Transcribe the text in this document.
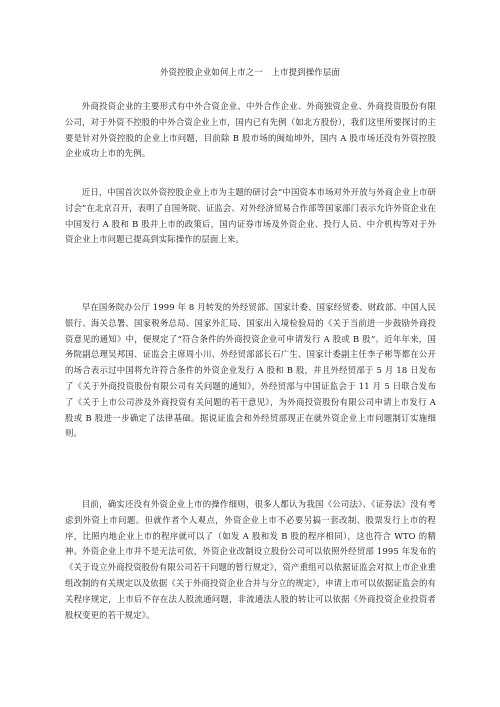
外资控股企业如何上市之一　上市提到操作层面

外商投资企业的主要形式有中外合资企业、中外合作企业、外商独资企业、外商投资股份有限公司，对于外资不控股的中外合资企业上市，国内已有先例（如北方股份），我们这里所要探讨的主要是针对外资控股的企业上市问题，目前除 B 股市场的闽灿坤外，国内 A 股市场还没有外资控股企业成功上市的先例。

近日，中国首次以外资控股企业上市为主题的研讨会“中国资本市场对外开放与外商企业上市研讨会”在北京召开，表明了自国务院、证监会、对外经济贸易合作部等国家部门表示允许外资企业在中国发行 A 股和 B 股并上市的政策后，国内证券市场及外资企业、投行人员、中介机构等对于外资企业上市问题已提高到实际操作的层面上来。

早在国务院办公厅 1999 年 8 月转发的外经贸部、国家计委、国家经贸委、财政部、中国人民银行、海关总署、国家税务总局、国家外汇局、国家出入境检验局的《关于当前进一步鼓励外商投资意见的通知》中，便规定了“符合条件的外商投资企业可申请发行 A 股或 B 股”。近年年来，国务院副总理吴邦国、证监会主席周小川、外经贸部部长石广生、国家计委副主任李子彬等都在公开的场合表示过中国将允许符合条件的外资企业发行 A 股和 B 股，并且外经贸部于 5 月 18 日发布了《关于外商投资股份有限公司有关问题的通知》，外经贸部与中国证监会于 11 月 5 日联合发布了《关于上市公司涉及外商投资有关问题的若干意见》，为外商投资股份有限公司申请上市发行 A 股或 B 股进一步确定了法律基础。据说证监会和外经贸部现正在就外资企业上市问题制订实施细则。

目前，确实还没有外资企业上市的操作细则，很多人都认为我国《公司法》、《证券法》没有考虑到外资上市问题。但就作者个人观点，外资企业上市不必要另搞一套改制、股票发行上市的程序，比照内地企业上市的程序就可以了（如发 A 股和发 B 股的程序相同），这也符合 WTO 的精神。外资企业上市并不是无法可依，外资企业改制设立股份公司可以依照外经贸部 1995 年发布的《关于设立外商投资股份有限公司若干问题的暂行规定》，资产重组可以依据证监会对拟上市企业重组改制的有关规定以及依据《关于外商投资企业合并与分立的规定》，申请上市可以依据证监会的有关程序规定，上市后不存在法人股流通问题，非流通法人股的转让可以依据《外商投资企业投资者股权变更的若干规定》。
